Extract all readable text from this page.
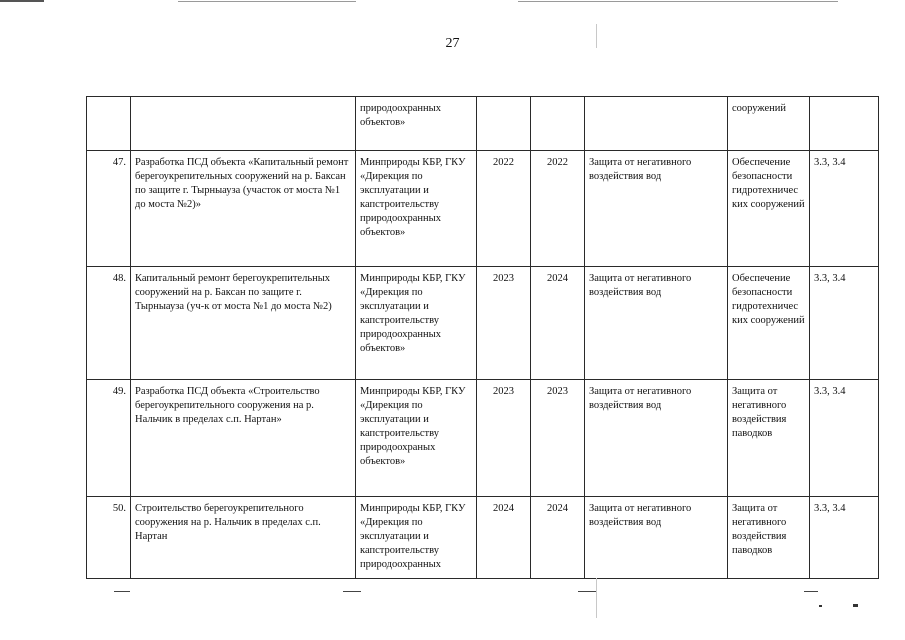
27
		природоохранных объектов»				сооружений	
47.	Разработка ПСД объекта «Капитальный ремонт берегоукрепительных сооружений на р. Баксан по защите г. Тырныауза (участок от моста №1 до моста №2)»	Минприроды КБР, ГКУ «Дирекция по эксплуатации и капстроительству природоохранных объектов»	2022	2022	Защита от негативного воздействия вод	Обеспечение безопасности гидротехничес ких сооружений	3.3, 3.4
48.	Капитальный ремонт берегоукрепительных сооружений на р. Баксан по защите г. Тырныауза (уч-к от моста №1 до моста №2)	Минприроды КБР, ГКУ «Дирекция по эксплуатации и капстроительству природоохранных объектов»	2023	2024	Защита от негативного воздействия вод	Обеспечение безопасности гидротехничес ких сооружений	3.3, 3.4
49.	Разработка ПСД объекта «Строительство берегоукрепительного сооружения на р. Нальчик в пределах с.п. Нартан»	Минприроды КБР, ГКУ «Дирекция по эксплуатации и капстроительству природоохраных объектов»	2023	2023	Защита от негативного воздействия вод	Защита от негативного воздействия паводков	3.3, 3.4
50.	Строительство берегоукрепительного сооружения на р. Нальчик в пределах с.п. Нартан	Минприроды КБР, ГКУ «Дирекция по эксплуатации и капстроительству природоохранных	2024	2024	Защита от негативного воздействия вод	Защита от негативного воздействия паводков	3.3, 3.4
